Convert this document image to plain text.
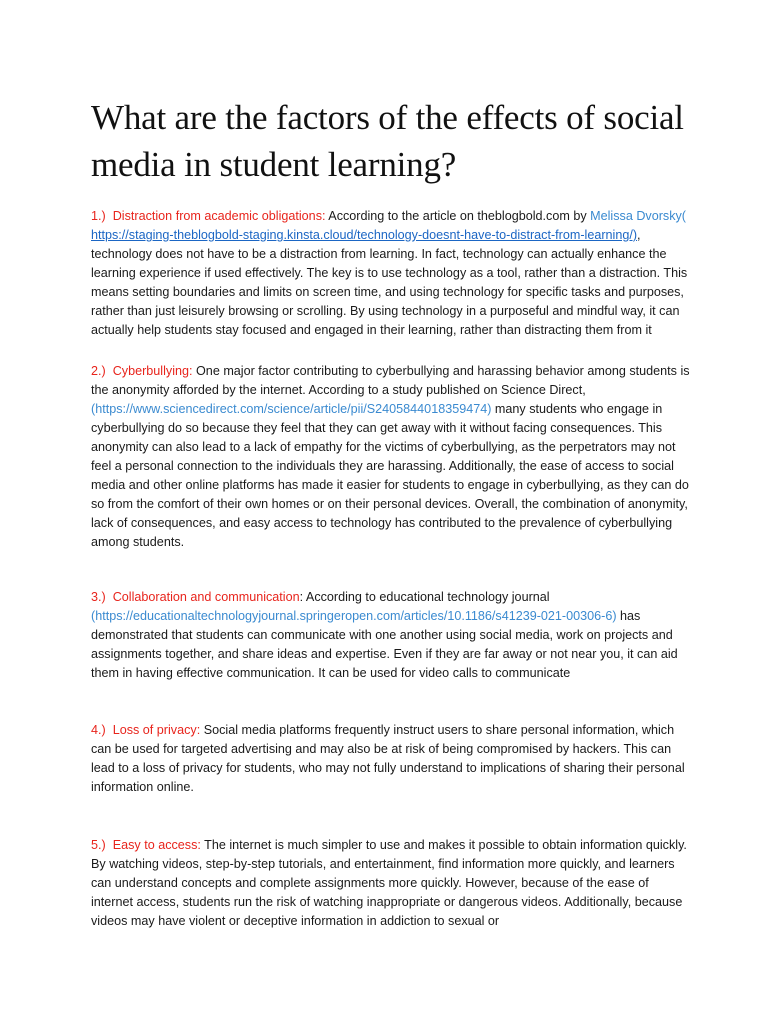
What are the factors of the effects of social media in student learning?
1.) Distraction from academic obligations: According to the article on theblogbold.com by Melissa Dvorsky( https://staging-theblogbold-staging.kinsta.cloud/technology-doesnt-have-to-distract-from-learning/), technology does not have to be a distraction from learning. In fact, technology can actually enhance the learning experience if used effectively. The key is to use technology as a tool, rather than a distraction. This means setting boundaries and limits on screen time, and using technology for specific tasks and purposes, rather than just leisurely browsing or scrolling. By using technology in a purposeful and mindful way, it can actually help students stay focused and engaged in their learning, rather than distracting them from it
2.) Cyberbullying: One major factor contributing to cyberbullying and harassing behavior among students is the anonymity afforded by the internet. According to a study published on Science Direct, (https://www.sciencedirect.com/science/article/pii/S2405844018359474) many students who engage in cyberbullying do so because they feel that they can get away with it without facing consequences. This anonymity can also lead to a lack of empathy for the victims of cyberbullying, as the perpetrators may not feel a personal connection to the individuals they are harassing. Additionally, the ease of access to social media and other online platforms has made it easier for students to engage in cyberbullying, as they can do so from the comfort of their own homes or on their personal devices. Overall, the combination of anonymity, lack of consequences, and easy access to technology has contributed to the prevalence of cyberbullying among students.
3.) Collaboration and communication: According to educational technology journal (https://educationaltechnologyjournal.springeropen.com/articles/10.1186/s41239-021-00306-6) has demonstrated that students can communicate with one another using social media, work on projects and assignments together, and share ideas and expertise. Even if they are far away or not near you, it can aid them in having effective communication. It can be used for video calls to communicate
4.) Loss of privacy: Social media platforms frequently instruct users to share personal information, which can be used for targeted advertising and may also be at risk of being compromised by hackers. This can lead to a loss of privacy for students, who may not fully understand to implications of sharing their personal information online.
5.) Easy to access: The internet is much simpler to use and makes it possible to obtain information quickly. By watching videos, step-by-step tutorials, and entertainment, find information more quickly, and learners can understand concepts and complete assignments more quickly. However, because of the ease of internet access, students run the risk of watching inappropriate or dangerous videos. Additionally, because videos may have violent or deceptive information in addiction to sexual or
